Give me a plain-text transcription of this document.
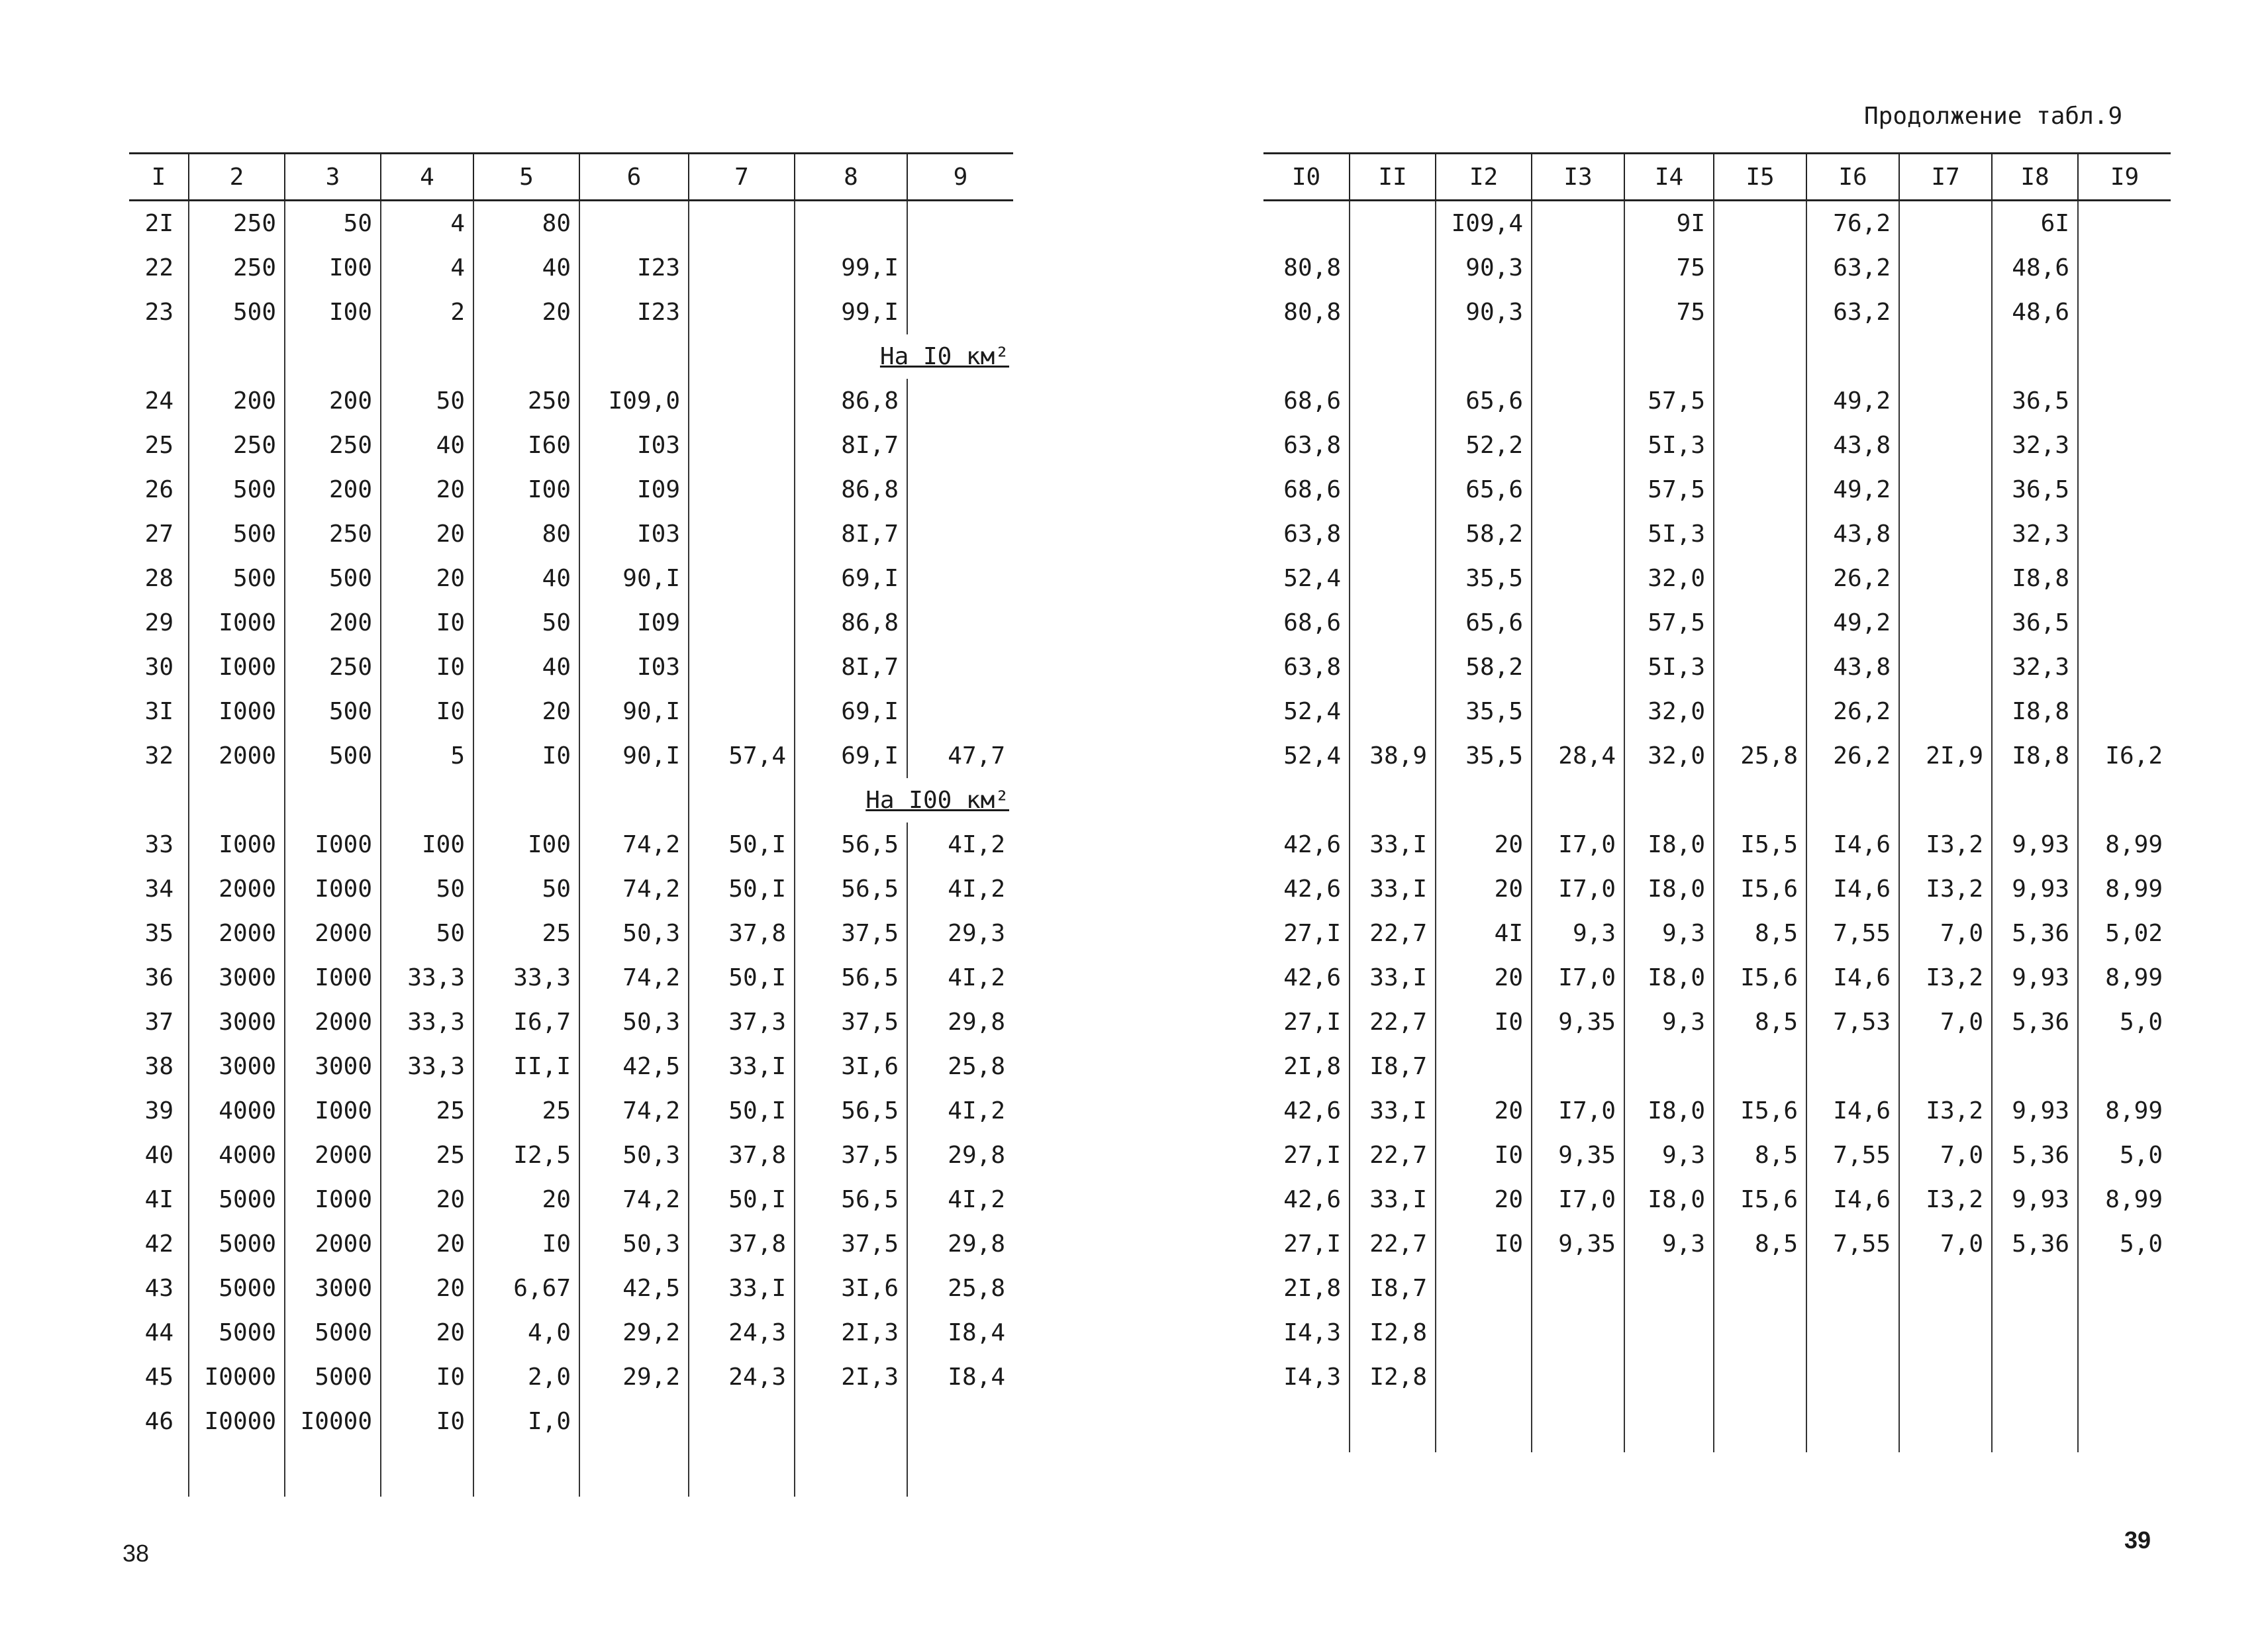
Продолжение табл.9
I	2	3	4	5	6	7	8	9
2I	250	50	4	80				
22	250	I00	4	40	I23		99,I	
23	500	I00	2	20	I23		99,I	
							На I0 км²	
24	200	200	50	250	I09,0		86,8	
25	250	250	40	I60	I03		8I,7	
26	500	200	20	I00	I09		86,8	
27	500	250	20	80	I03		8I,7	
28	500	500	20	40	90,I		69,I	
29	I000	200	I0	50	I09		86,8	
30	I000	250	I0	40	I03		8I,7	
3I	I000	500	I0	20	90,I		69,I	
32	2000	500	5	I0	90,I	57,4	69,I	47,7
							На I00 км²	
33	I000	I000	I00	I00	74,2	50,I	56,5	4I,2
34	2000	I000	50	50	74,2	50,I	56,5	4I,2
35	2000	2000	50	25	50,3	37,8	37,5	29,3
36	3000	I000	33,3	33,3	74,2	50,I	56,5	4I,2
37	3000	2000	33,3	I6,7	50,3	37,3	37,5	29,8
38	3000	3000	33,3	II,I	42,5	33,I	3I,6	25,8
39	4000	I000	25	25	74,2	50,I	56,5	4I,2
40	4000	2000	25	I2,5	50,3	37,8	37,5	29,8
4I	5000	I000	20	20	74,2	50,I	56,5	4I,2
42	5000	2000	20	I0	50,3	37,8	37,5	29,8
43	5000	3000	20	6,67	42,5	33,I	3I,6	25,8
44	5000	5000	20	4,0	29,2	24,3	2I,3	I8,4
45	I0000	5000	I0	2,0	29,2	24,3	2I,3	I8,4
46	I0000	I0000	I0	I,0				

I0	II	I2	I3	I4	I5	I6	I7	I8	I9
		I09,4		9I		76,2		6I	
80,8		90,3		75		63,2		48,6	
80,8		90,3		75		63,2		48,6	

68,6		65,6		57,5		49,2		36,5	
63,8		52,2		5I,3		43,8		32,3	
68,6		65,6		57,5		49,2		36,5	
63,8		58,2		5I,3		43,8		32,3	
52,4		35,5		32,0		26,2		I8,8	
68,6		65,6		57,5		49,2		36,5	
63,8		58,2		5I,3		43,8		32,3	
52,4		35,5		32,0		26,2		I8,8	
52,4	38,9	35,5	28,4	32,0	25,8	26,2	2I,9	I8,8	I6,2

42,6	33,I	20	I7,0	I8,0	I5,5	I4,6	I3,2	9,93	8,99
42,6	33,I	20	I7,0	I8,0	I5,6	I4,6	I3,2	9,93	8,99
27,I	22,7	4I	9,3	9,3	8,5	7,55	7,0	5,36	5,02
42,6	33,I	20	I7,0	I8,0	I5,6	I4,6	I3,2	9,93	8,99
27,I	22,7	I0	9,35	9,3	8,5	7,53	7,0	5,36	5,0
2I,8	I8,7								
42,6	33,I	20	I7,0	I8,0	I5,6	I4,6	I3,2	9,93	8,99
27,I	22,7	I0	9,35	9,3	8,5	7,55	7,0	5,36	5,0
42,6	33,I	20	I7,0	I8,0	I5,6	I4,6	I3,2	9,93	8,99
27,I	22,7	I0	9,35	9,3	8,5	7,55	7,0	5,36	5,0
2I,8	I8,7								
I4,3	I2,8								
I4,3	I2,8								

38	39
